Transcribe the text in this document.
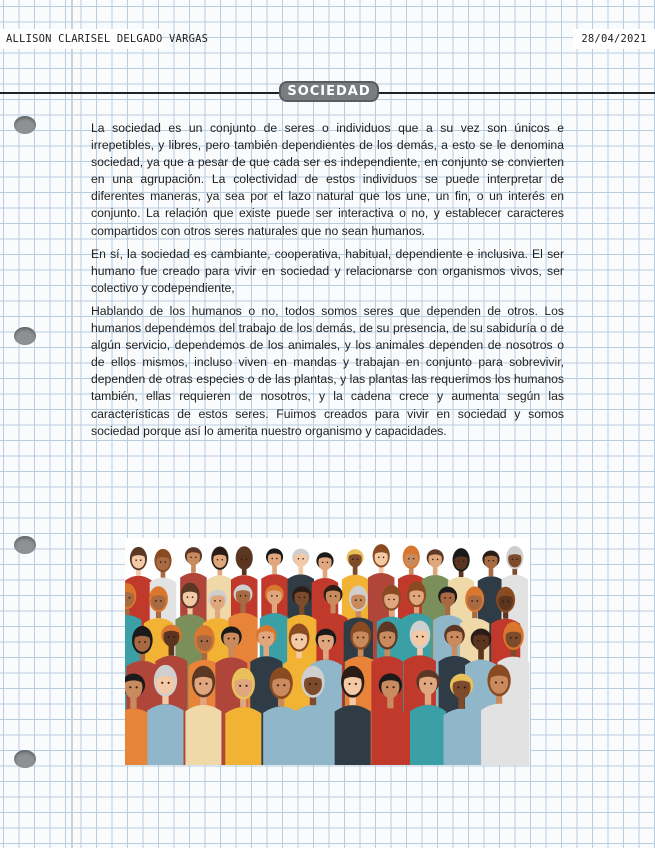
ALLISON CLARISEL DELGADO VARGAS	28/04/2021
SOCIEDAD

La sociedad es un conjunto de seres o individuos que a su vez son únicos e irrepetibles, y libres, pero también dependientes de los demás, a esto se le denomina sociedad, ya que a pesar de que cada ser es independiente, en conjunto se convierten en una agrupación. La colectividad de estos individuos se puede interpretar de diferentes maneras, ya sea por el lazo natural que los une, un fin, o un interés en conjunto. La relación que existe puede ser interactiva o no, y establecer caracteres compartidos con otros seres naturales que no sean humanos.

En sí, la sociedad es cambiante, cooperativa, habitual, dependiente e inclusiva. El ser humano fue creado para vivir en sociedad y relacionarse con organismos vivos, ser colectivo y codependiente,

Hablando de los humanos o no, todos somos seres que dependen de otros. Los humanos dependemos del trabajo de los demás, de su presencia, de su sabiduría o de algún servicio, dependemos de los animales, y los animales dependen de nosotros o de ellos mismos, incluso viven en mandas y trabajan en conjunto para sobrevivir, dependen de otras especies o de las plantas, y las plantas las requerimos los humanos también, ellas requieren de nosotros, y la cadena crece y aumenta según las características de estos seres. Fuimos creados para vivir en sociedad y somos sociedad porque así lo amerita nuestro organismo y capacidades.
